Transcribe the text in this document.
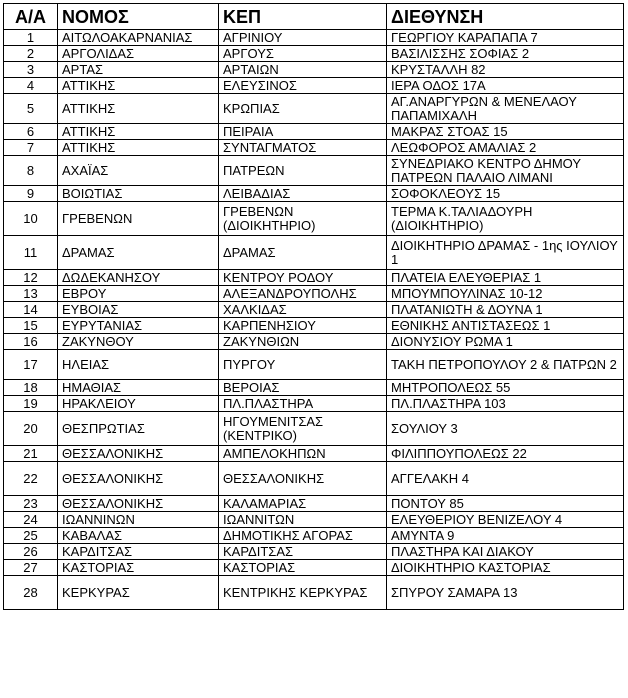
Α/Α	ΝΟΜΟΣ	ΚΕΠ	ΔΙΕΘΥΝΣΗ
1	ΑΙΤΩΛΟΑΚΑΡΝΑΝΙΑΣ	ΑΓΡΙΝΙΟΥ	ΓΕΩΡΓΙΟΥ ΚΑΡΑΠΑΠΑ 7
2	ΑΡΓΟΛΙΔΑΣ	ΑΡΓΟΥΣ	ΒΑΣΙΛΙΣΣΗΣ ΣΟΦΙΑΣ 2
3	ΑΡΤΑΣ	ΑΡΤΑΙΩΝ	ΚΡΥΣΤΑΛΛΗ 82
4	ΑΤΤΙΚΗΣ	ΕΛΕΥΣΙΝΟΣ	ΙΕΡΑ ΟΔΟΣ 17Α
5	ΑΤΤΙΚΗΣ	ΚΡΩΠΙΑΣ	ΑΓ.ΑΝΑΡΓΥΡΩΝ & ΜΕΝΕΛΑΟΥ ΠΑΠΑΜΙΧΑΛΗ
6	ΑΤΤΙΚΗΣ	ΠΕΙΡΑΙΑ	ΜΑΚΡΑΣ ΣΤΟΑΣ 15
7	ΑΤΤΙΚΗΣ	ΣΥΝΤΑΓΜΑΤΟΣ	ΛΕΩΦΟΡΟΣ ΑΜΑΛΙΑΣ 2
8	ΑΧΑΪΑΣ	ΠΑΤΡΕΩΝ	ΣΥΝΕΔΡΙΑΚΟ ΚΕΝΤΡΟ ΔΗΜΟΥ ΠΑΤΡΕΩΝ ΠΑΛΑΙΟ ΛΙΜΑΝΙ
9	ΒΟΙΩΤΙΑΣ	ΛΕΙΒΑΔΙΑΣ	ΣΟΦΟΚΛΕΟΥΣ 15
10	ΓΡΕΒΕΝΩΝ	ΓΡΕΒΕΝΩΝ (ΔΙΟΙΚΗΤΗΡΙΟ)	ΤΕΡΜΑ Κ.ΤΑΛΙΑΔΟΥΡΗ (ΔΙΟΙΚΗΤΗΡΙΟ)
11	ΔΡΑΜΑΣ	ΔΡΑΜΑΣ	ΔΙΟΙΚΗΤΗΡΙΟ ΔΡΑΜΑΣ - 1ης ΙΟΥΛΙΟΥ 1
12	ΔΩΔΕΚΑΝΗΣΟΥ	ΚΕΝΤΡΟΥ ΡΟΔΟΥ	ΠΛΑΤΕΙΑ ΕΛΕΥΘΕΡΙΑΣ 1
13	ΕΒΡΟΥ	ΑΛΕΞΑΝΔΡΟΥΠΟΛΗΣ	ΜΠΟΥΜΠΟΥΛΙΝΑΣ 10-12
14	ΕΥΒΟΙΑΣ	ΧΑΛΚΙΔΑΣ	ΠΛΑΤΑΝΙΩΤΗ & ΔΟΥΝΑ 1
15	ΕΥΡΥΤΑΝΙΑΣ	ΚΑΡΠΕΝΗΣΙΟΥ	ΕΘΝΙΚΗΣ ΑΝΤΙΣΤΑΣΕΩΣ 1
16	ΖΑΚΥΝΘΟΥ	ΖΑΚΥΝΘΙΩΝ	ΔΙΟΝΥΣΙΟΥ ΡΩΜΑ 1
17	ΗΛΕΙΑΣ	ΠΥΡΓΟΥ	ΤΑΚΗ ΠΕΤΡΟΠΟΥΛΟΥ 2 & ΠΑΤΡΩΝ 2
18	ΗΜΑΘΙΑΣ	ΒΕΡΟΙΑΣ	ΜΗΤΡΟΠΟΛΕΩΣ 55
19	ΗΡΑΚΛΕΙΟΥ	ΠΛ.ΠΛΑΣΤΗΡΑ	ΠΛ.ΠΛΑΣΤΗΡΑ 103
20	ΘΕΣΠΡΩΤΙΑΣ	ΗΓΟΥΜΕΝΙΤΣΑΣ (ΚΕΝΤΡΙΚΟ)	ΣΟΥΛΙΟΥ 3
21	ΘΕΣΣΑΛΟΝΙΚΗΣ	ΑΜΠΕΛΟΚΗΠΩΝ	ΦΙΛΙΠΠΟΥΠΟΛΕΩΣ 22
22	ΘΕΣΣΑΛΟΝΙΚΗΣ	ΘΕΣΣΑΛΟΝΙΚΗΣ	ΑΓΓΕΛΑΚΗ 4
23	ΘΕΣΣΑΛΟΝΙΚΗΣ	ΚΑΛΑΜΑΡΙΑΣ	ΠΟΝΤΟΥ 85
24	ΙΩΑΝΝΙΝΩΝ	ΙΩΑΝΝΙΤΩΝ	ΕΛΕΥΘΕΡΙΟΥ ΒΕΝΙΖΕΛΟΥ 4
25	ΚΑΒΑΛΑΣ	ΔΗΜΟΤΙΚΗΣ ΑΓΟΡΑΣ	ΑΜΥΝΤΑ 9
26	ΚΑΡΔΙΤΣΑΣ	ΚΑΡΔΙΤΣΑΣ	ΠΛΑΣΤΗΡΑ ΚΑΙ ΔΙΑΚΟΥ
27	ΚΑΣΤΟΡΙΑΣ	ΚΑΣΤΟΡΙΑΣ	ΔΙΟΙΚΗΤΗΡΙΟ ΚΑΣΤΟΡΙΑΣ
28	ΚΕΡΚΥΡΑΣ	ΚΕΝΤΡΙΚΗΣ ΚΕΡΚΥΡΑΣ	ΣΠΥΡΟΥ ΣΑΜΑΡΑ 13
